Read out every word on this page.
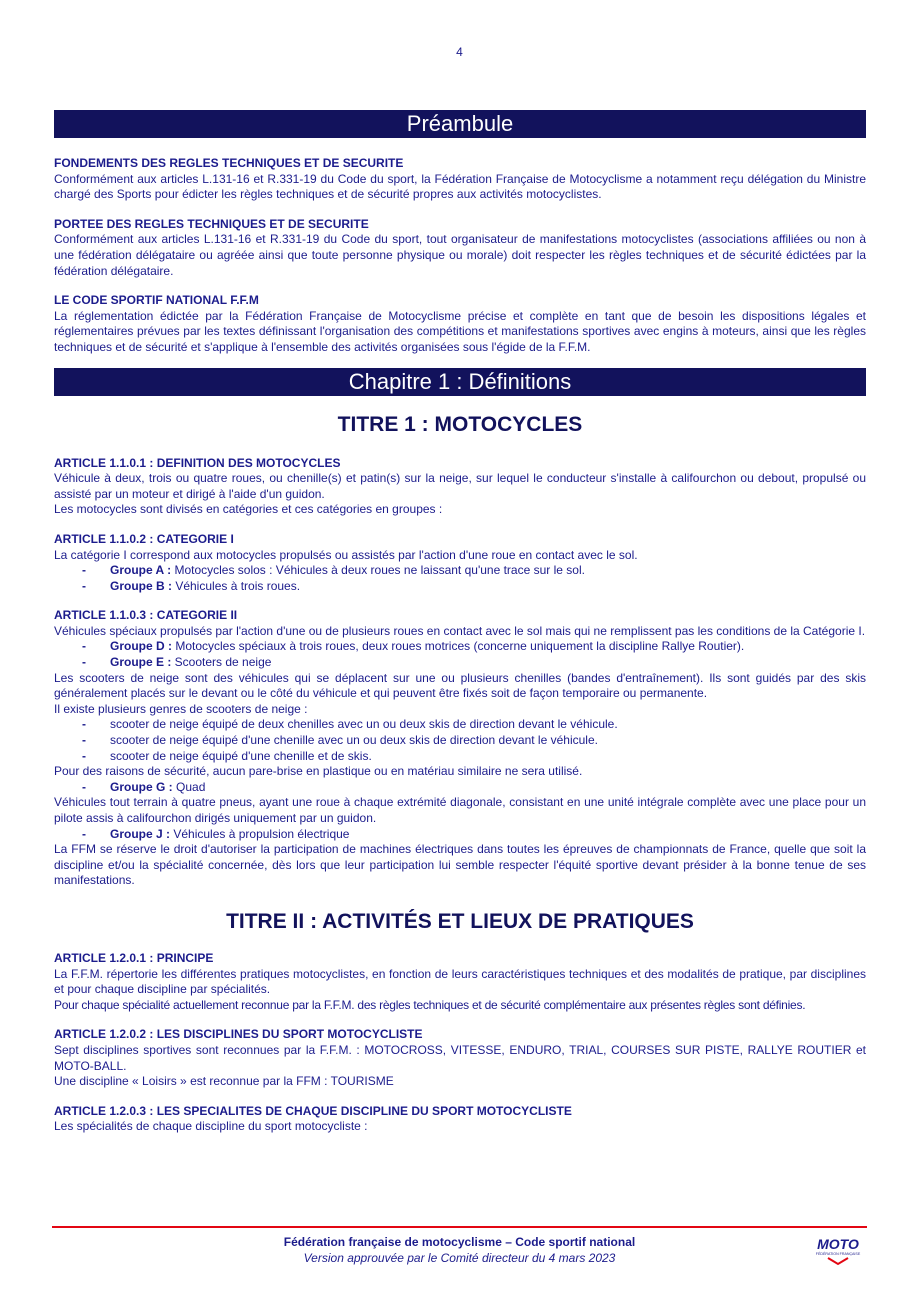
4
Préambule

FONDEMENTS DES REGLES TECHNIQUES ET DE SECURITE

Conformément aux articles L.131-16 et R.331-19 du Code du sport, la Fédération Française de Motocyclisme a notamment reçu délégation du Ministre chargé des Sports pour édicter les règles techniques et de sécurité propres aux activités motocyclistes.

PORTEE DES REGLES TECHNIQUES ET DE SECURITE

Conformément aux articles L.131-16 et R.331-19 du Code du sport, tout organisateur de manifestations motocyclistes (associations affiliées ou non à une fédération délégataire ou agréée ainsi que toute personne physique ou morale) doit respecter les règles techniques et de sécurité édictées par la fédération délégataire.

LE CODE SPORTIF NATIONAL F.F.M

La réglementation édictée par la Fédération Française de Motocyclisme précise et complète en tant que de besoin les dispositions légales et réglementaires prévues par les textes définissant l'organisation des compétitions et manifestations sportives avec engins à moteurs, ainsi que les règles techniques et de sécurité et s'applique à l'ensemble des activités organisées sous l'égide de la F.F.M.

Chapitre 1 : Définitions
TITRE 1 : MOTOCYCLES

ARTICLE 1.1.0.1 : DEFINITION DES MOTOCYCLES

Véhicule à deux, trois ou quatre roues, ou chenille(s) et patin(s) sur la neige, sur lequel le conducteur s'installe à califourchon ou debout, propulsé ou assisté par un moteur et dirigé à l'aide d'un guidon.

Les motocycles sont divisés en catégories et ces catégories en groupes :

ARTICLE 1.1.0.2 : CATEGORIE I

La catégorie I correspond aux motocycles propulsés ou assistés par l'action d'une roue en contact avec le sol.

- Groupe A : Motocycles solos : Véhicules à deux roues ne laissant qu'une trace sur le sol.
- Groupe B : Véhicules à trois roues.

ARTICLE 1.1.0.3 : CATEGORIE II

Véhicules spéciaux propulsés par l'action d'une ou de plusieurs roues en contact avec le sol mais qui ne remplissent pas les conditions de la Catégorie I.

- Groupe D : Motocycles spéciaux à trois roues, deux roues motrices (concerne uniquement la discipline Rallye Routier).
- Groupe E : Scooters de neige

Les scooters de neige sont des véhicules qui se déplacent sur une ou plusieurs chenilles (bandes d'entraînement). Ils sont guidés par des skis généralement placés sur le devant ou le côté du véhicule et qui peuvent être fixés soit de façon temporaire ou permanente.

Il existe plusieurs genres de scooters de neige :

- scooter de neige équipé de deux chenilles avec un ou deux skis de direction devant le véhicule.
- scooter de neige équipé d'une chenille avec un ou deux skis de direction devant le véhicule.
- scooter de neige équipé d'une chenille et de skis.

Pour des raisons de sécurité, aucun pare-brise en plastique ou en matériau similaire ne sera utilisé.

- Groupe G : Quad

Véhicules tout terrain à quatre pneus, ayant une roue à chaque extrémité diagonale, consistant en une unité intégrale complète avec une place pour un pilote assis à califourchon dirigés uniquement par un guidon.

- Groupe J : Véhicules à propulsion électrique

La FFM se réserve le droit d'autoriser la participation de machines électriques dans toutes les épreuves de championnats de France, quelle que soit la discipline et/ou la spécialité concernée, dès lors que leur participation lui semble respecter l'équité sportive devant présider à la bonne tenue de ses manifestations.

TITRE II : ACTIVITÉS ET LIEUX DE PRATIQUES

ARTICLE 1.2.0.1 : PRINCIPE

La F.F.M. répertorie les différentes pratiques motocyclistes, en fonction de leurs caractéristiques techniques et des modalités de pratique, par disciplines et pour chaque discipline par spécialités.

Pour chaque spécialité actuellement reconnue par la F.F.M. des règles techniques et de sécurité complémentaire aux présentes règles sont définies.

ARTICLE 1.2.0.2 : LES DISCIPLINES DU SPORT MOTOCYCLISTE

Sept disciplines sportives sont reconnues par la F.F.M. : MOTOCROSS, VITESSE, ENDURO, TRIAL, COURSES SUR PISTE, RALLYE ROUTIER et MOTO-BALL.

Une discipline « Loisirs » est reconnue par la FFM : TOURISME

ARTICLE 1.2.0.3 : LES SPECIALITES DE CHAQUE DISCIPLINE DU SPORT MOTOCYCLISTE

Les spécialités de chaque discipline du sport motocycliste :

Fédération française de motocyclisme – Code sportif national
Version approuvée par le Comité directeur du 4 mars 2023
MOTO
FÉDÉRATION FRANÇAISE
